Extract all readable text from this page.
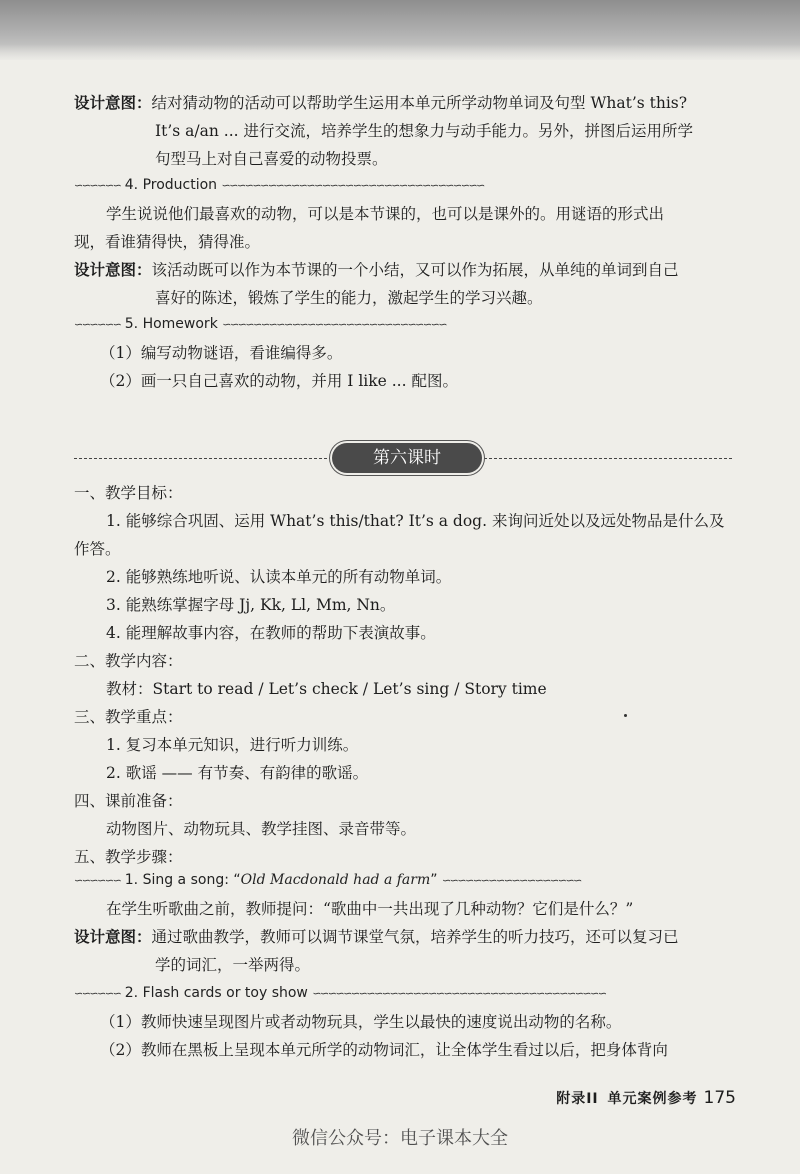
设计意图：结对猜动物的活动可以帮助学生运用本单元所学动物单词及句型 What’s this?
It’s a/an ... 进行交流，培养学生的想象力与动手能力。另外，拼图后运用所学
句型马上对自己喜爱的动物投票。
∽∽∽∽∽∽ 4. Production ∽∽∽∽∽∽∽∽∽∽∽∽∽∽∽∽∽∽∽∽∽∽∽∽∽∽∽∽∽∽∽∽∽∽
学生说说他们最喜欢的动物，可以是本节课的，也可以是课外的。用谜语的形式出
现，看谁猜得快，猜得准。
设计意图：该活动既可以作为本节课的一个小结，又可以作为拓展，从单纯的单词到自己
喜好的陈述，锻炼了学生的能力，激起学生的学习兴趣。
∽∽∽∽∽∽ 5. Homework ∽∽∽∽∽∽∽∽∽∽∽∽∽∽∽∽∽∽∽∽∽∽∽∽∽∽∽∽∽
（1）编写动物谜语，看谁编得多。
（2）画一只自己喜欢的动物，并用 I like ... 配图。
第六课时
一、教学目标：
1. 能够综合巩固、运用 What’s this/that? It’s a dog. 来询问近处以及远处物品是什么及
作答。
2. 能够熟练地听说、认读本单元的所有动物单词。
3. 能熟练掌握字母 Jj, Kk, Ll, Mm, Nn。
4. 能理解故事内容，在教师的帮助下表演故事。
二、教学内容：
教材：Start to read / Let’s check / Let’s sing / Story time
三、教学重点：
1. 复习本单元知识，进行听力训练。
2. 歌谣 —— 有节奏、有韵律的歌谣。
四、课前准备：
动物图片、动物玩具、教学挂图、录音带等。
五、教学步骤：
∽∽∽∽∽∽ 1. Sing a song: “Old Macdonald had a farm” ∽∽∽∽∽∽∽∽∽∽∽∽∽∽∽∽∽∽
在学生听歌曲之前，教师提问：“歌曲中一共出现了几种动物？它们是什么？”
设计意图：通过歌曲教学，教师可以调节课堂气氛，培养学生的听力技巧，还可以复习已
学的词汇，一举两得。
∽∽∽∽∽∽ 2. Flash cards or toy show ∽∽∽∽∽∽∽∽∽∽∽∽∽∽∽∽∽∽∽∽∽∽∽∽∽∽∽∽∽∽∽∽∽∽∽∽∽∽
（1）教师快速呈现图片或者动物玩具，学生以最快的速度说出动物的名称。
（2）教师在黑板上呈现本单元所学的动物词汇，让全体学生看过以后，把身体背向
附录II 单元案例参考 175
微信公众号：电子课本大全
